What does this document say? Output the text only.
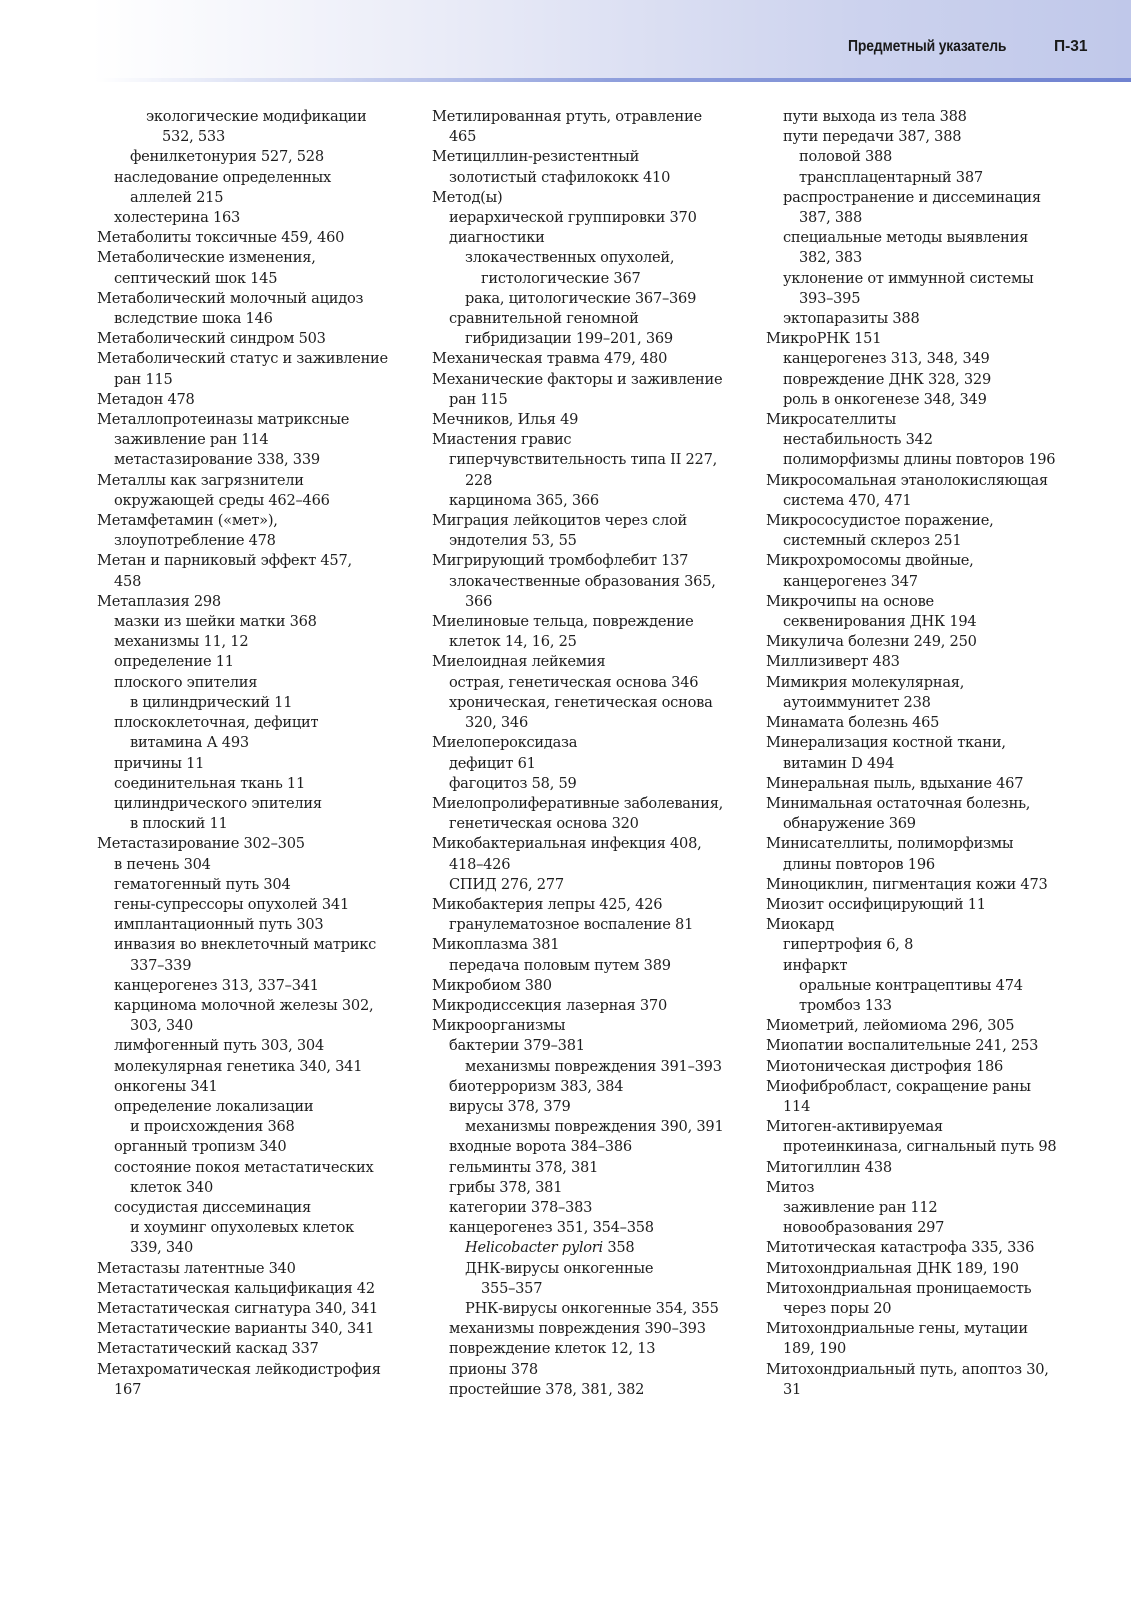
Предметный указатель	П-31
экологические модификации
532, 533
фенилкетонурия 527, 528
наследование определенных
аллелей 215
холестерина 163
Метаболиты токсичные 459, 460
Метаболические изменения,
септический шок 145
Метаболический молочный ацидоз
вследствие шока 146
Метаболический синдром 503
Метаболический статус и заживление
ран 115
Метадон 478
Металлопротеиназы матриксные
заживление ран 114
метастазирование 338, 339
Металлы как загрязнители
окружающей среды 462–466
Метамфетамин («мет»),
злоупотребление 478
Метан и парниковый эффект 457,
458
Метаплазия 298
мазки из шейки матки 368
механизмы 11, 12
определение 11
плоского эпителия
в цилиндрический 11
плоскоклеточная, дефицит
витамина А 493
причины 11
соединительная ткань 11
цилиндрического эпителия
в плоский 11
Метастазирование 302–305
в печень 304
гематогенный путь 304
гены-супрессоры опухолей 341
имплантационный путь 303
инвазия во внеклеточный матрикс
337–339
канцерогенез 313, 337–341
карцинома молочной железы 302,
303, 340
лимфогенный путь 303, 304
молекулярная генетика 340, 341
онкогены 341
определение локализации
и происхождения 368
органный тропизм 340
состояние покоя метастатических
клеток 340
сосудистая диссеминация
и хоуминг опухолевых клеток
339, 340
Метастазы латентные 340
Метастатическая кальцификация 42
Метастатическая сигнатура 340, 341
Метастатические варианты 340, 341
Метастатический каскад 337
Метахроматическая лейкодистрофия
167
Метилированная ртуть, отравление
465
Метициллин-резистентный
золотистый стафилококк 410
Метод(ы)
иерархической группировки 370
диагностики
злокачественных опухолей,
гистологические 367
рака, цитологические 367–369
сравнительной геномной
гибридизации 199–201, 369
Механическая травма 479, 480
Механические факторы и заживление
ран 115
Мечников, Илья 49
Миастения гравис
гиперчувствительность типа II 227,
228
карцинома 365, 366
Миграция лейкоцитов через слой
эндотелия 53, 55
Мигрирующий тромбофлебит 137
злокачественные образования 365,
366
Миелиновые тельца, повреждение
клеток 14, 16, 25
Миелоидная лейкемия
острая, генетическая основа 346
хроническая, генетическая основа
320, 346
Миелопероксидаза
дефицит 61
фагоцитоз 58, 59
Миелопролиферативные заболевания,
генетическая основа 320
Микобактериальная инфекция 408,
418–426
СПИД 276, 277
Микобактерия лепры 425, 426
гранулематозное воспаление 81
Микоплазма 381
передача половым путем 389
Микробиом 380
Микродиссекция лазерная 370
Микроорганизмы
бактерии 379–381
механизмы повреждения 391–393
биотерроризм 383, 384
вирусы 378, 379
механизмы повреждения 390, 391
входные ворота 384–386
гельминты 378, 381
грибы 378, 381
категории 378–383
канцерогенез 351, 354–358
Helicobacter pylori 358
ДНК-вирусы онкогенные
355–357
РНК-вирусы онкогенные 354, 355
механизмы повреждения 390–393
повреждение клеток 12, 13
прионы 378
простейшие 378, 381, 382
пути выхода из тела 388
пути передачи 387, 388
половой 388
трансплацентарный 387
распространение и диссеминация
387, 388
специальные методы выявления
382, 383
уклонение от иммунной системы
393–395
эктопаразиты 388
МикроРНК 151
канцерогенез 313, 348, 349
повреждение ДНК 328, 329
роль в онкогенезе 348, 349
Микросателлиты
нестабильность 342
полиморфизмы длины повторов 196
Микросомальная этанолокисляющая
система 470, 471
Микрососудистое поражение,
системный склероз 251
Микрохромосомы двойные,
канцерогенез 347
Микрочипы на основе
секвенирования ДНК 194
Микулича болезни 249, 250
Миллизиверт 483
Мимикрия молекулярная,
аутоиммунитет 238
Минамата болезнь 465
Минерализация костной ткани,
витамин D 494
Минеральная пыль, вдыхание 467
Минимальная остаточная болезнь,
обнаружение 369
Минисателлиты, полиморфизмы
длины повторов 196
Миноциклин, пигментация кожи 473
Миозит оссифицирующий 11
Миокард
гипертрофия 6, 8
инфаркт
оральные контрацептивы 474
тромбоз 133
Миометрий, лейомиома 296, 305
Миопатии воспалительные 241, 253
Миотоническая дистрофия 186
Миофибробласт, сокращение раны
114
Митоген-активируемая
протеинкиназа, сигнальный путь 98
Митогиллин 438
Митоз
заживление ран 112
новообразования 297
Митотическая катастрофа 335, 336
Митохондриальная ДНК 189, 190
Митохондриальная проницаемость
через поры 20
Митохондриальные гены, мутации
189, 190
Митохондриальный путь, апоптоз 30,
31
